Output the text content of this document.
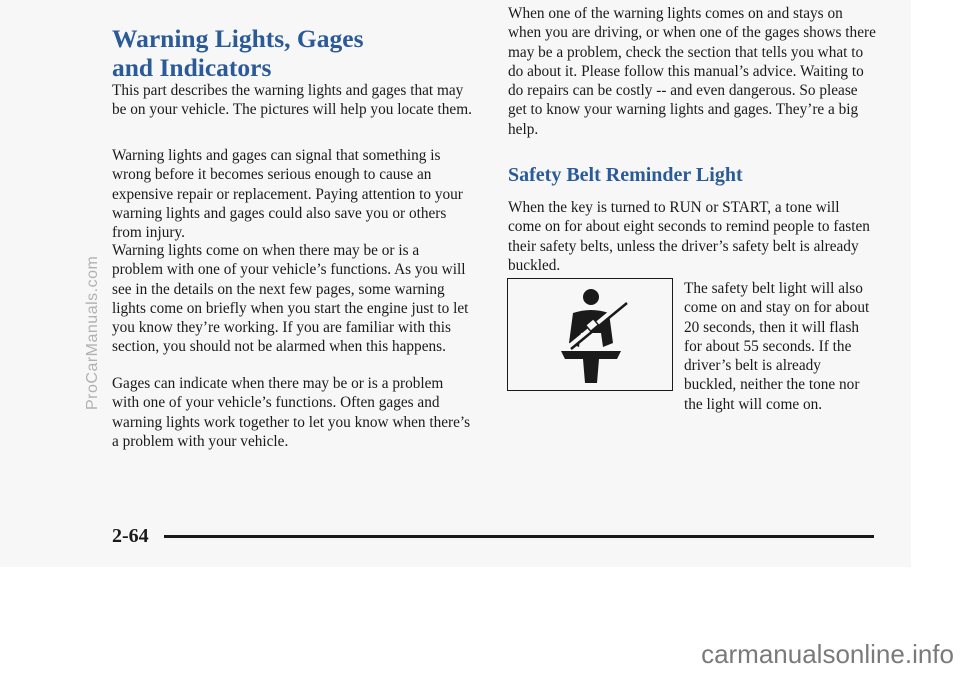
Warning Lights, Gages
and Indicators

This part describes the warning lights and gages that may be on your vehicle. The pictures will help you locate them.

Warning lights and gages can signal that something is wrong before it becomes serious enough to cause an expensive repair or replacement. Paying attention to your warning lights and gages could also save you or others from injury.

Warning lights come on when there may be or is a problem with one of your vehicle’s functions. As you will see in the details on the next few pages, some warning lights come on briefly when you start the engine just to let you know they’re working. If you are familiar with this section, you should not be alarmed when this happens.

Gages can indicate when there may be or is a problem with one of your vehicle’s functions. Often gages and warning lights work together to let you know when there’s a problem with your vehicle.

When one of the warning lights comes on and stays on when you are driving, or when one of the gages shows there may be a problem, check the section that tells you what to do about it. Please follow this manual’s advice. Waiting to do repairs can be costly -- and even dangerous. So please get to know your warning lights and gages. They’re a big help.

Safety Belt Reminder Light

When the key is turned to RUN or START, a tone will come on for about eight seconds to remind people to fasten their safety belts, unless the driver’s safety belt is already buckled.

The safety belt light will also come on and stay on for about 20 seconds, then it will flash for about 55 seconds. If the driver’s belt is already buckled, neither the tone nor the light will come on.

2-64
ProCarManuals.com
carmanualsonline.info
